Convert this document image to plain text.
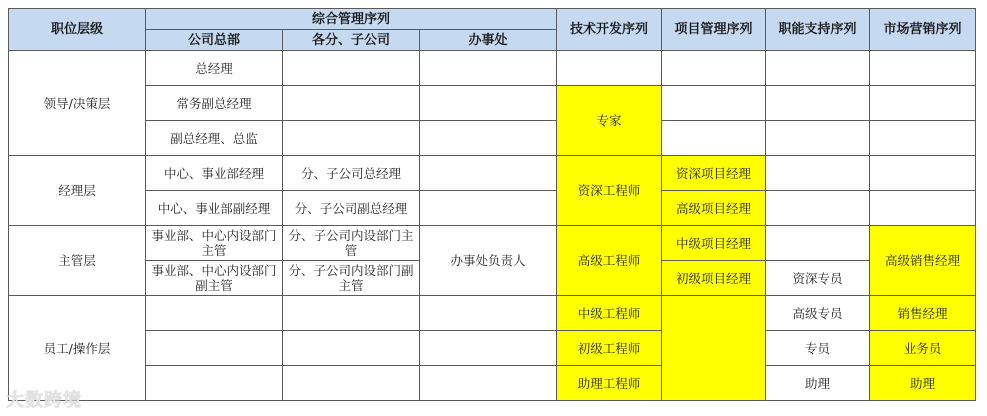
职位层级	综合管理序列			技术开发序列	项目管理序列	职能支持序列	市场营销序列
	公司总部	各分、子公司	办事处				
领导/决策层	总经理						
	常务副总经理			专家			
	副总经理、总监						
经理层	中心、事业部经理	分、子公司总经理		资深工程师	资深项目经理		
	中心、事业部副经理	分、子公司副总经理			高级项目经理		
主管层	事业部、中心内设部门主管	分、子公司内设部门主管	办事处负责人	高级工程师	中级项目经理		高级销售经理
	事业部、中心内设部门副主管	分、子公司内设部门副主管			初级项目经理	资深专员	
员工/操作层				中级工程师		高级专员	销售经理
				初级工程师		专员	业务员
				助理工程师		助理	助理
大数跨境
